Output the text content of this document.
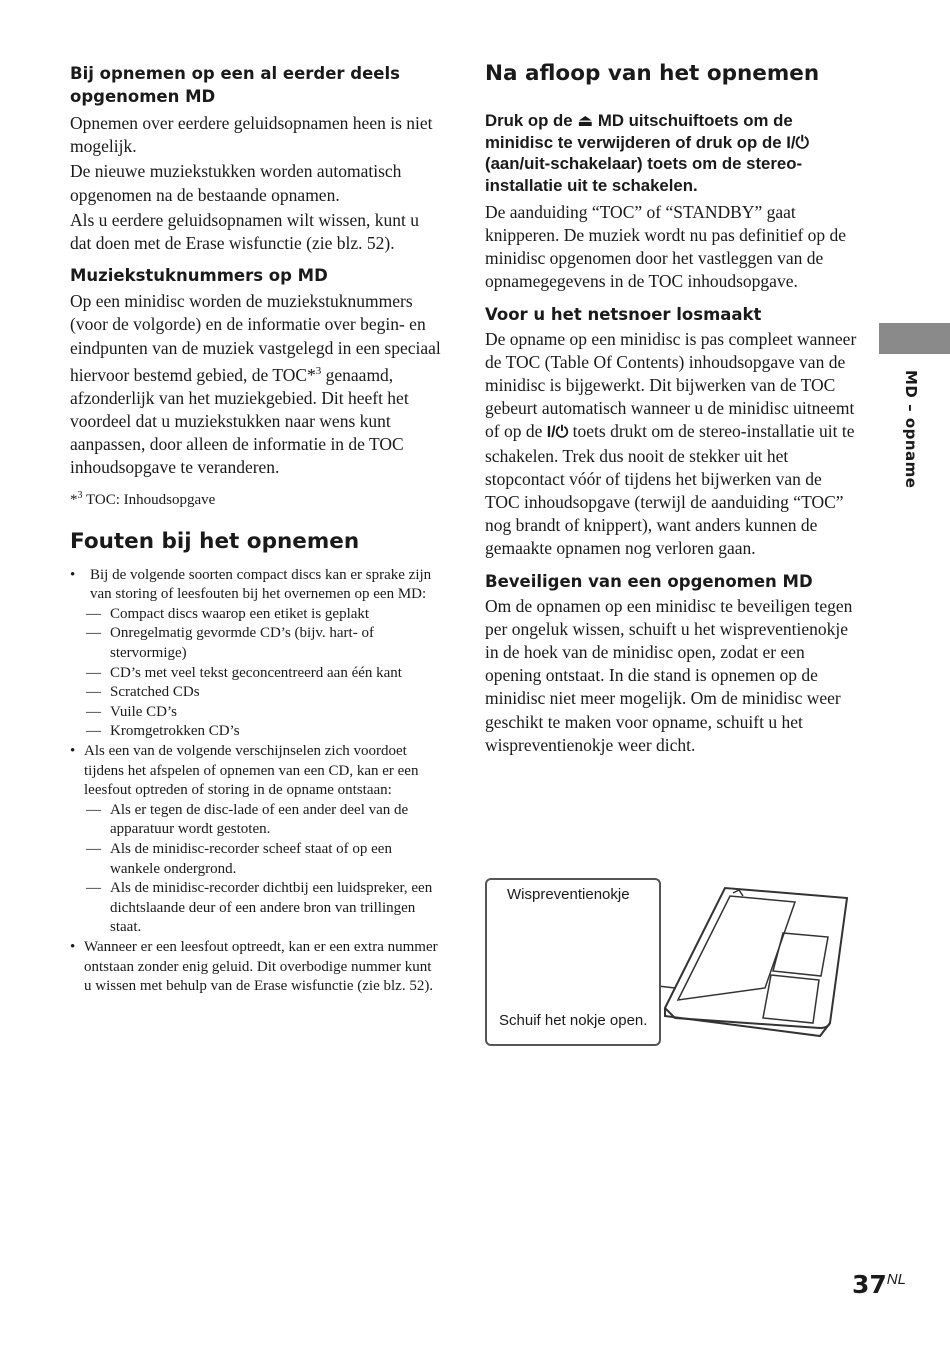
Bij opnemen op een al eerder deels opgenomen MD

Opnemen over eerdere geluidsopnamen heen is niet mogelijk.

De nieuwe muziekstukken worden automatisch opgenomen na de bestaande opnamen.

Als u eerdere geluidsopnamen wilt wissen, kunt u dat doen met de Erase wisfunctie (zie blz. 52).

Muziekstuknummers op MD

Op een minidisc worden de muziekstuknummers (voor de volgorde) en de informatie over begin- en eindpunten van de muziek vastgelegd in een speciaal hiervoor bestemd gebied, de TOC*$^3$ genaamd, afzonderlijk van het muziekgebied. Dit heeft het voordeel dat u muziekstukken naar wens kunt aanpassen, door alleen de informatie in de TOC inhoudsopgave te veranderen.

*$^3$ TOC: Inhoudsopgave

Fouten bij het opnemen
• Bij de volgende soorten compact discs kan er sprake zijn van storing of leesfouten bij het overnemen op een MD:
— Compact discs waarop een etiket is geplakt
— Onregelmatig gevormde CD’s (bijv. hart- of stervormige)
— CD’s met veel tekst geconcentreerd aan één kant
— Scratched CDs
— Vuile CD’s
— Kromgetrokken CD’s
• Als een van de volgende verschijnselen zich voordoet tijdens het afspelen of opnemen van een CD, kan er een leesfout optreden of storing in de opname ontstaan:
— Als er tegen de disc-lade of een ander deel van de apparatuur wordt gestoten.
— Als de minidisc-recorder scheef staat of op een wankele ondergrond.
— Als de minidisc-recorder dichtbij een luidspreker, een dichtslaande deur of een andere bron van trillingen staat.
• Wanneer er een leesfout optreedt, kan er een extra nummer ontstaan zonder enig geluid. Dit overbodige nummer kunt u wissen met behulp van de Erase wisfunctie (zie blz. 52).
Na afloop van het opnemen

Druk op de ⏏ MD uitschuiftoets om de minidisc te verwijderen of druk op de I/⏻ (aan/uit-schakelaar) toets om de stereo-installatie uit te schakelen.

De aanduiding “TOC” of “STANDBY” gaat knipperen. De muziek wordt nu pas definitief op de minidisc opgenomen door het vastleggen van de opnamegegevens in de TOC inhoudsopgave.

Voor u het netsnoer losmaakt

De opname op een minidisc is pas compleet wanneer de TOC (Table Of Contents) inhoudsopgave van de minidisc is bijgewerkt. Dit bijwerken van de TOC gebeurt automatisch wanneer u de minidisc uitneemt of op de I/⏻ toets drukt om de stereo-installatie uit te schakelen. Trek dus nooit de stekker uit het stopcontact vóór of tijdens het bijwerken van de TOC inhoudsopgave (terwijl de aanduiding “TOC” nog brandt of knippert), want anders kunnen de gemaakte opnamen nog verloren gaan.

Beveiligen van een opgenomen MD

Om de opnamen op een minidisc te beveiligen tegen per ongeluk wissen, schuift u het wispreventienokje in de hoek van de minidisc open, zodat er een opening ontstaat. In die stand is opnemen op de minidisc niet meer mogelijk. Om de minidisc weer geschikt te maken voor opname, schuift u het wispreventienokje weer dicht.

Wispreventienokje
Schuif het nokje open.
MD – opname
$37^{NL}$
